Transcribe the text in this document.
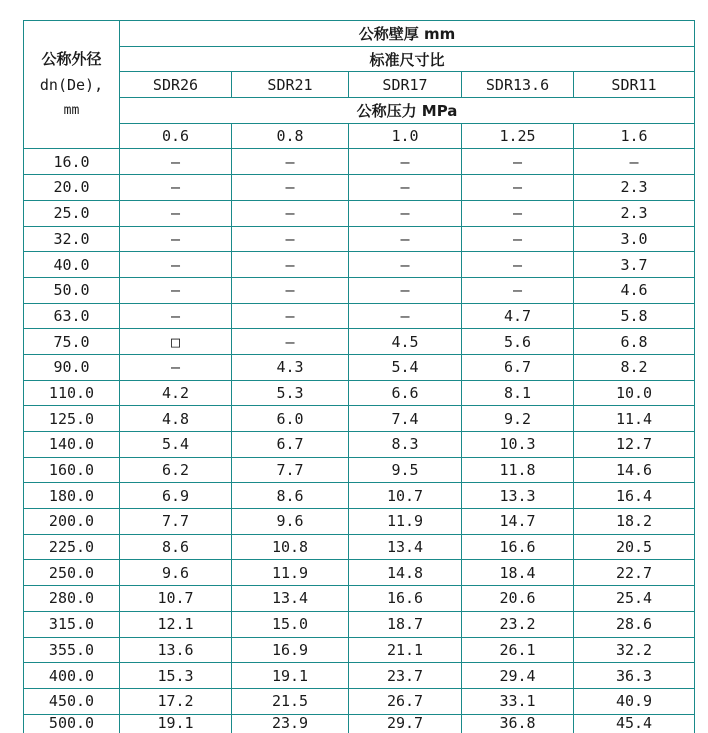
公称外径
dn(De),
mm	公称壁厚 mm				
	标准尺寸比				
	SDR26	SDR21	SDR17	SDR13.6	SDR11
	公称压力 MPa				
	0.6	0.8	1.0	1.25	1.6
16.0	–	–	–	–	–
20.0	–	–	–	–	2.3
25.0	–	–	–	–	2.3
32.0	–	–	–	–	3.0
40.0	–	–	–	–	3.7
50.0	–	–	–	–	4.6
63.0	–	–	–	4.7	5.8
75.0	□	–	4.5	5.6	6.8
90.0	–	4.3	5.4	6.7	8.2
110.0	4.2	5.3	6.6	8.1	10.0
125.0	4.8	6.0	7.4	9.2	11.4
140.0	5.4	6.7	8.3	10.3	12.7
160.0	6.2	7.7	9.5	11.8	14.6
180.0	6.9	8.6	10.7	13.3	16.4
200.0	7.7	9.6	11.9	14.7	18.2
225.0	8.6	10.8	13.4	16.6	20.5
250.0	9.6	11.9	14.8	18.4	22.7
280.0	10.7	13.4	16.6	20.6	25.4
315.0	12.1	15.0	18.7	23.2	28.6
355.0	13.6	16.9	21.1	26.1	32.2
400.0	15.3	19.1	23.7	29.4	36.3
450.0	17.2	21.5	26.7	33.1	40.9
500.0	19.1	23.9	29.7	36.8	45.4
